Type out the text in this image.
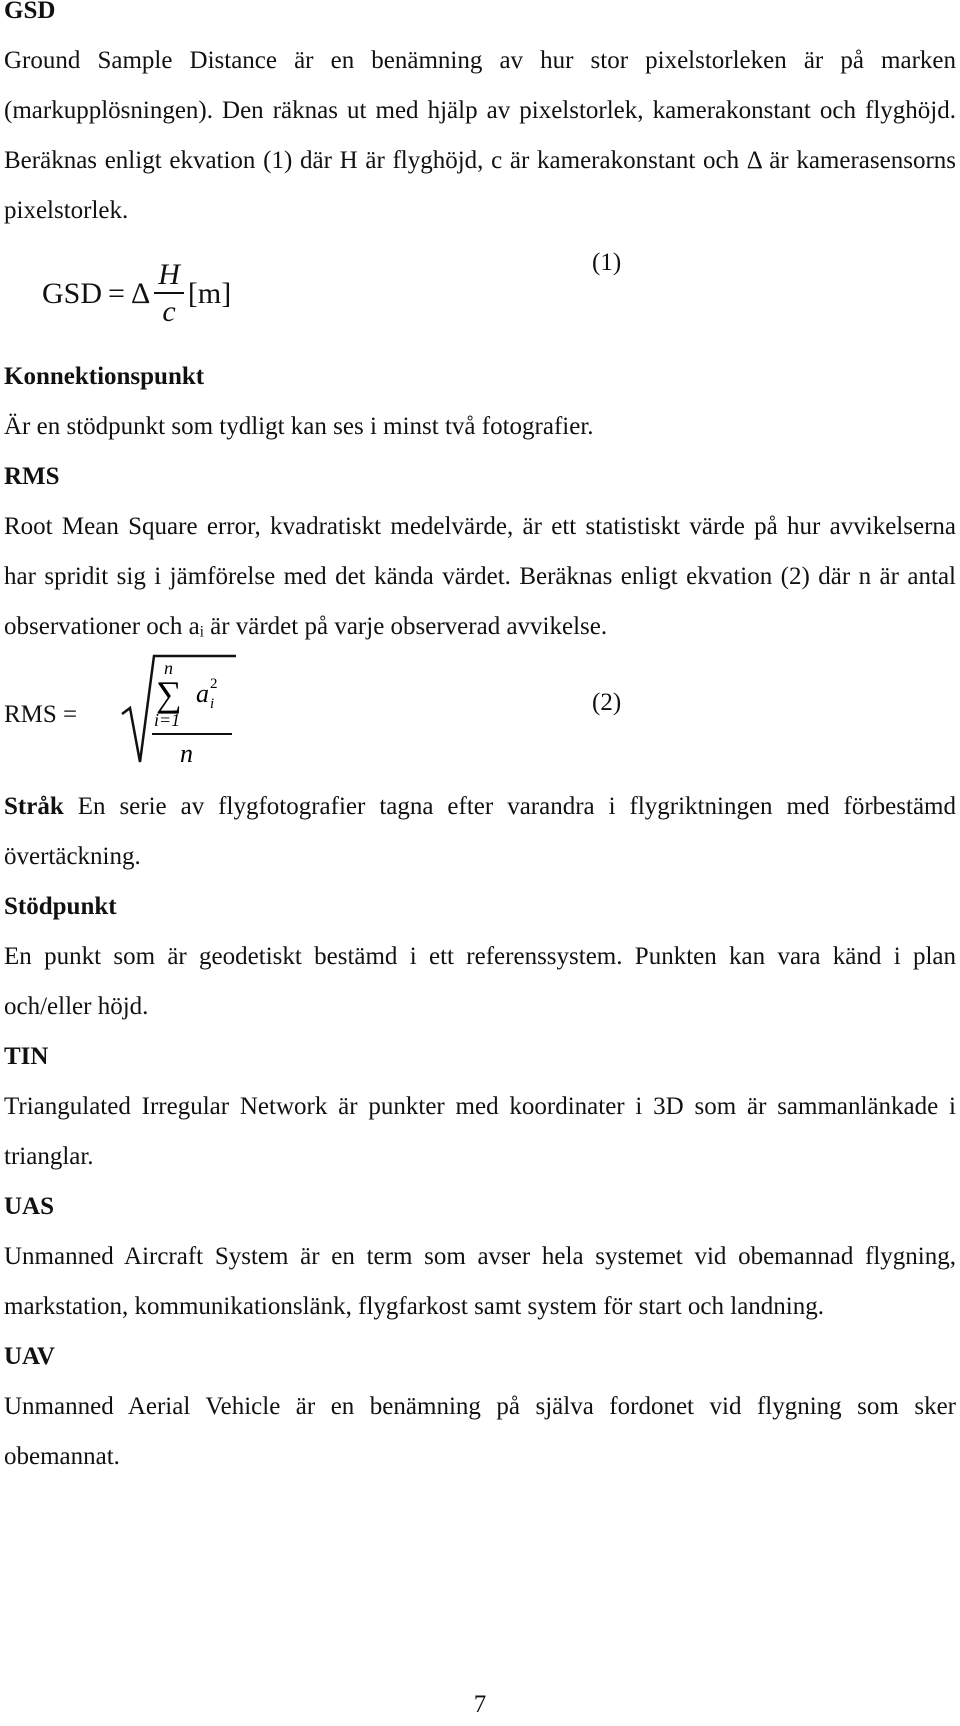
GSD

Ground Sample Distance är en benämning av hur stor pixelstorleken är på marken (markupplösningen). Den räknas ut med hjälp av pixelstorlek, kamerakonstant och flyghöjd. Beräknas enligt ekvation (1) där H är flyghöjd, c är kamerakonstant och Δ är kamerasensorns pixelstorlek.

GSD = Δ $\frac{H}{c} [m]$
(1)
Konnektionspunkt

Är en stödpunkt som tydligt kan ses i minst två fotografier.

RMS

Root Mean Square error, kvadratiskt medelvärde, är ett statistiskt värde på hur avvikelserna har spridit sig i jämförelse med det kända värdet. Beräknas enligt ekvation (2) där n är antal observationer och aᵢ är värdet på varje observerad avvikelse.

RMS =
n
∑
i=1
a i
2
n
(2)

Stråk En serie av flygfotografier tagna efter varandra i flygriktningen med förbestämd övertäckning.

Stödpunkt

En punkt som är geodetiskt bestämd i ett referenssystem. Punkten kan vara känd i plan och/eller höjd.

TIN

Triangulated Irregular Network är punkter med koordinater i 3D som är sammanlänkade i trianglar.

UAS

Unmanned Aircraft System är en term som avser hela systemet vid obemannad flygning, markstation, kommunikationslänk, flygfarkost samt system för start och landning.

UAV

Unmanned Aerial Vehicle är en benämning på själva fordonet vid flygning som sker obemannat.

7
